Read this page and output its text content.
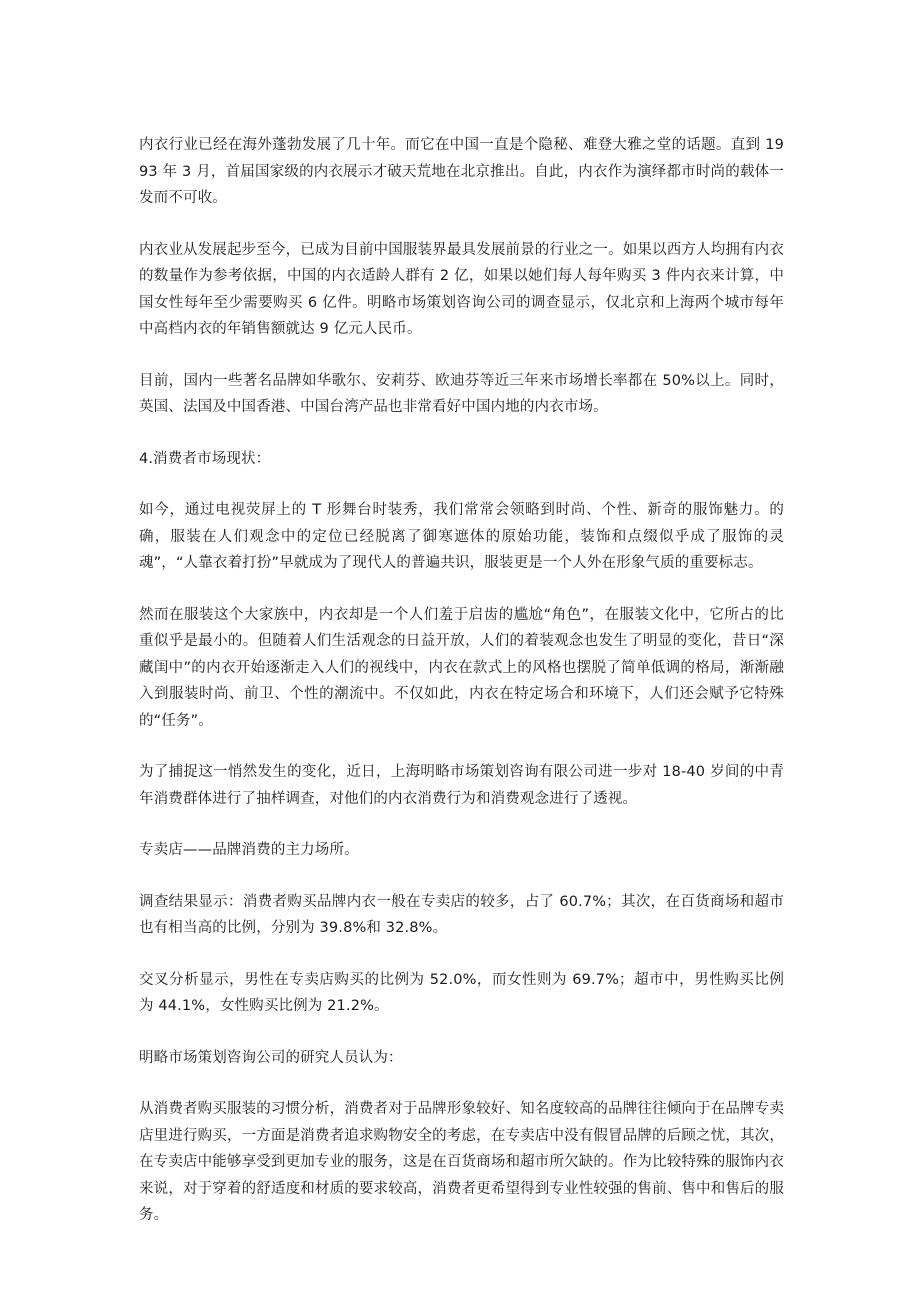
内衣行业已经在海外蓬勃发展了几十年。而它在中国一直是个隐秘、难登大雅之堂的话题。直到 1993 年 3 月，首届国家级的内衣展示才破天荒地在北京推出。自此，内衣作为演绎都市时尚的载体一发而不可收。

内衣业从发展起步至今，已成为目前中国服装界最具发展前景的行业之一。如果以西方人均拥有内衣的数量作为参考依据，中国的内衣适龄人群有 2 亿，如果以她们每人每年购买 3 件内衣来计算，中国女性每年至少需要购买 6 亿件。明略市场策划咨询公司的调查显示，仅北京和上海两个城市每年中高档内衣的年销售额就达 9 亿元人民币。

目前，国内一些著名品牌如华歌尔、安莉芬、欧迪芬等近三年来市场增长率都在 50%以上。同时，英国、法国及中国香港、中国台湾产品也非常看好中国内地的内衣市场。

4.消费者市场现状：

如今，通过电视荧屏上的 T 形舞台时装秀，我们常常会领略到时尚、个性、新奇的服饰魅力。的确，服装在人们观念中的定位已经脱离了御寒遮体的原始功能，装饰和点缀似乎成了服饰的灵魂”，“人靠衣着打扮”早就成为了现代人的普遍共识，服装更是一个人外在形象气质的重要标志。

然而在服装这个大家族中，内衣却是一个人们羞于启齿的尴尬“角色”，在服装文化中，它所占的比重似乎是最小的。但随着人们生活观念的日益开放，人们的着装观念也发生了明显的变化，昔日“深藏闺中”的内衣开始逐渐走入人们的视线中，内衣在款式上的风格也摆脱了简单低调的格局，渐渐融入到服装时尚、前卫、个性的潮流中。不仅如此，内衣在特定场合和环境下，人们还会赋予它特殊的“任务”。

为了捕捉这一悄然发生的变化，近日，上海明略市场策划咨询有限公司进一步对 18-40 岁间的中青年消费群体进行了抽样调查，对他们的内衣消费行为和消费观念进行了透视。

专卖店——品牌消费的主力场所。

调查结果显示：消费者购买品牌内衣一般在专卖店的较多，占了 60.7%；其次，在百货商场和超市也有相当高的比例，分别为 39.8%和 32.8%。

交叉分析显示，男性在专卖店购买的比例为 52.0%，而女性则为 69.7%；超市中，男性购买比例为 44.1%，女性购买比例为 21.2%。

明略市场策划咨询公司的研究人员认为：

从消费者购买服装的习惯分析，消费者对于品牌形象较好、知名度较高的品牌往往倾向于在品牌专卖店里进行购买，一方面是消费者追求购物安全的考虑，在专卖店中没有假冒品牌的后顾之忧，其次，在专卖店中能够享受到更加专业的服务，这是在百货商场和超市所欠缺的。作为比较特殊的服饰内衣来说，对于穿着的舒适度和材质的要求较高，消费者更希望得到专业性较强的售前、售中和售后的服务。
